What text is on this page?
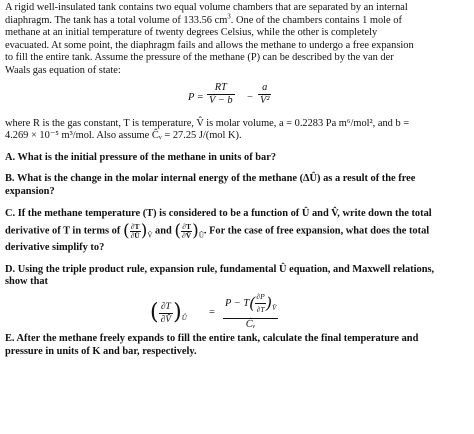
A rigid well-insulated tank contains two equal volume chambers that are separated by an internal
diaphragm. The tank has a total volume of 133.56 $cm^3$. One of the chambers contains 1 mole of
methane at an initial temperature of twenty degrees Celsius, while the other is completely
evacuated. At some point, the diaphragm fails and allows the methane to undergo a free expansion
to fill the entire tank. Assume the pressure of the methane (P) can be described by the van der
Waals gas equation of state:
$P = \frac{RT}{V̂ - b} - \frac{a}{\text{V̂²}}$
where R is the gas constant, T is temperature, V̂ is molar volume, a = 0.2283 Pa m⁶/mol², and b =
4.269 × 10⁻⁵ m³/mol. Also assume Ĉᵥ = 27.25 J/(mol K).
A. What is the initial pressure of the methane in units of bar?
B. What is the change in the molar internal energy of the methane (ΔÛ) as a result of the free
expansion?
C. If the methane temperature (T) is considered to be a function of Û and V̂, write down the total
derivative of T in terms of ( $\frac{\partial T}{\partial Û} )_{V̂}$ and ( $\frac{\partial T}{\partial V̂} )_Û$. For the case of free expansion, what does the total
derivative simplify to?
D. Using the triple product rule, expansion rule, fundamental Û equation, and Maxwell relations,
show that
( $\frac{\partial T}{\partial V̂} )_Û = \frac{P - T( \frac{\partial P}{\partial T} )_{V̂}}{\text{Ĉᵥ}}$
E. After the methane freely expands to fill the entire tank, calculate the final temperature and
pressure in units of K and bar, respectively.
